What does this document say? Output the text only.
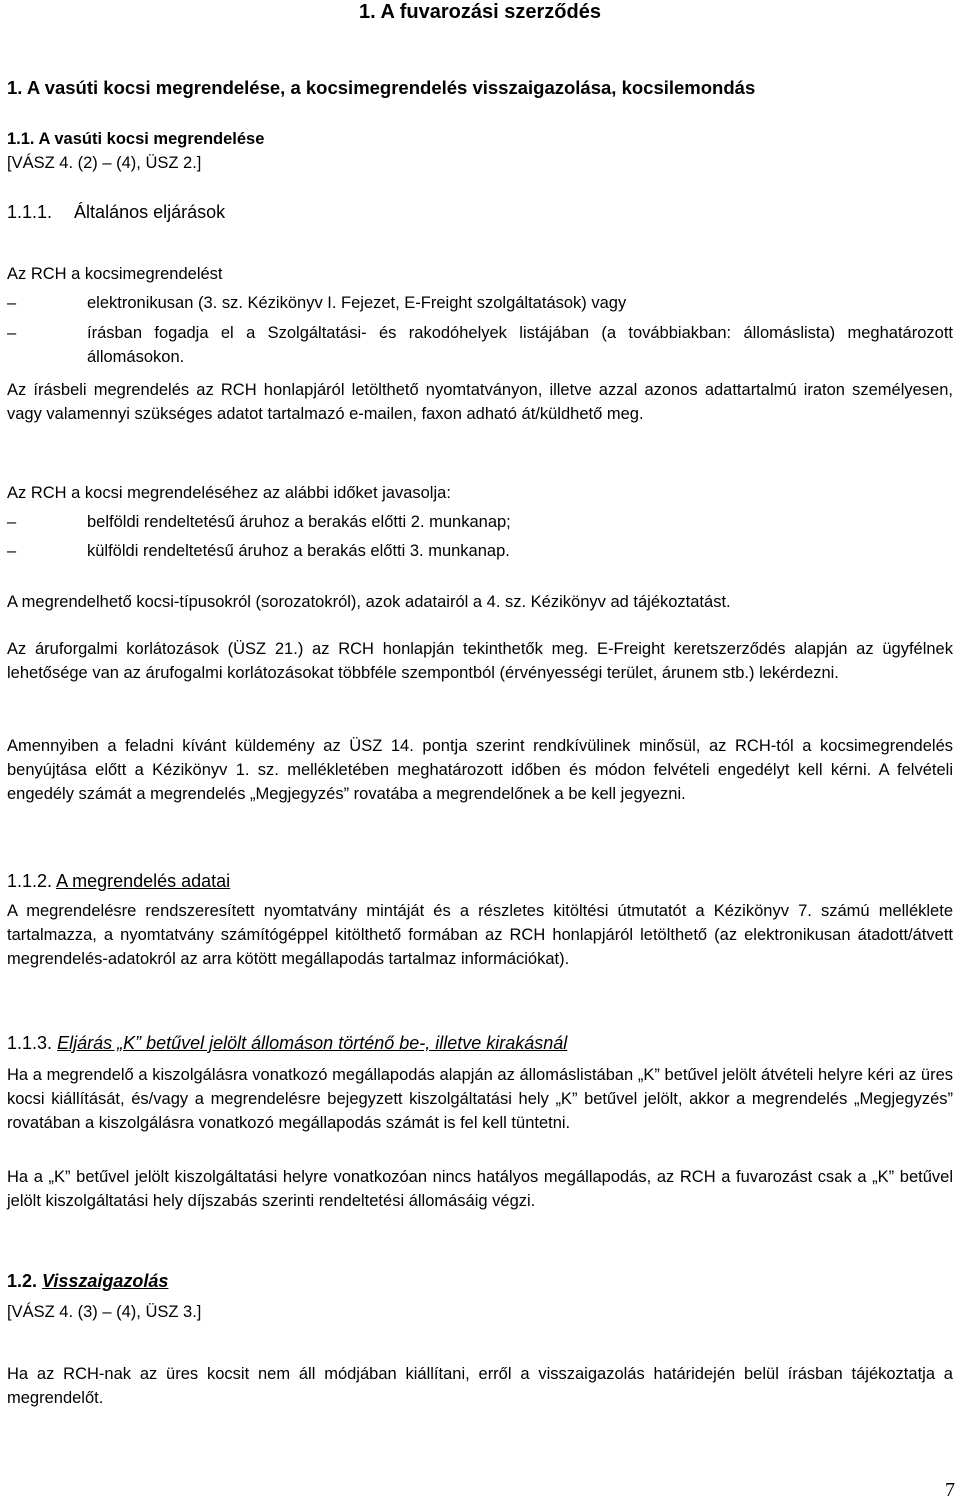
1. A fuvarozási szerződés

1. A vasúti kocsi megrendelése, a kocsimegrendelés visszaigazolása, kocsilemondás

1.1. A vasúti kocsi megrendelése

[VÁSZ 4. (2) – (4), ÜSZ 2.]

1.1.1. Általános eljárások

Az RCH a kocsimegrendelést

–	elektronikusan (3. sz. Kézikönyv I. Fejezet, E-Freight szolgáltatások) vagy

–	írásban fogadja el a Szolgáltatási- és rakodóhelyek listájában (a továbbiakban: állomáslista) meghatározott állomásokon.

Az írásbeli megrendelés az RCH honlapjáról letölthető nyomtatványon, illetve azzal azonos adattartalmú iraton személyesen, vagy valamennyi szükséges adatot tartalmazó e-mailen, faxon adható át/küldhető meg.

Az RCH a kocsi megrendeléséhez az alábbi időket javasolja:

–	belföldi rendeltetésű áruhoz a berakás előtti 2. munkanap;

–	külföldi rendeltetésű áruhoz a berakás előtti 3. munkanap.

A megrendelhető kocsi-típusokról (sorozatokról), azok adatairól a 4. sz. Kézikönyv ad tájékoztatást.

Az áruforgalmi korlátozások (ÜSZ 21.) az RCH honlapján tekinthetők meg. E-Freight keretszerződés alapján az ügyfélnek lehetősége van az árufogalmi korlátozásokat többféle szempontból (érvényességi terület, árunem stb.) lekérdezni.

Amennyiben a feladni kívánt küldemény az ÜSZ 14. pontja szerint rendkívülinek minősül, az RCH-tól a kocsimegrendelés benyújtása előtt a Kézikönyv 1. sz. mellékletében meghatározott időben és módon felvételi engedélyt kell kérni. A felvételi engedély számát a megrendelés „Megjegyzés” rovatába a megrendelőnek a be kell jegyezni.

1.1.2. A megrendelés adatai

A megrendelésre rendszeresített nyomtatvány mintáját és a részletes kitöltési útmutatót a Kézikönyv 7. számú melléklete tartalmazza, a nyomtatvány számítógéppel kitölthető formában az RCH honlapjáról letölthető (az elektronikusan átadott/átvett megrendelés-adatokról az arra kötött megállapodás tartalmaz információkat).

1.1.3. Eljárás „K” betűvel jelölt állomáson történő be-, illetve kirakásnál

Ha a megrendelő a kiszolgálásra vonatkozó megállapodás alapján az állomáslistában „K” betűvel jelölt átvételi helyre kéri az üres kocsi kiállítását, és/vagy a megrendelésre bejegyzett kiszolgáltatási hely „K” betűvel jelölt, akkor a megrendelés „Megjegyzés” rovatában a kiszolgálásra vonatkozó megállapodás számát is fel kell tüntetni.

Ha a „K” betűvel jelölt kiszolgáltatási helyre vonatkozóan nincs hatályos megállapodás, az RCH a fuvarozást csak a „K” betűvel jelölt kiszolgáltatási hely díjszabás szerinti rendeltetési állomásáig végzi.

1.2. Visszaigazolás

[VÁSZ 4. (3) – (4), ÜSZ 3.]

Ha az RCH-nak az üres kocsit nem áll módjában kiállítani, erről a visszaigazolás határidején belül írásban tájékoztatja a megrendelőt.

7
